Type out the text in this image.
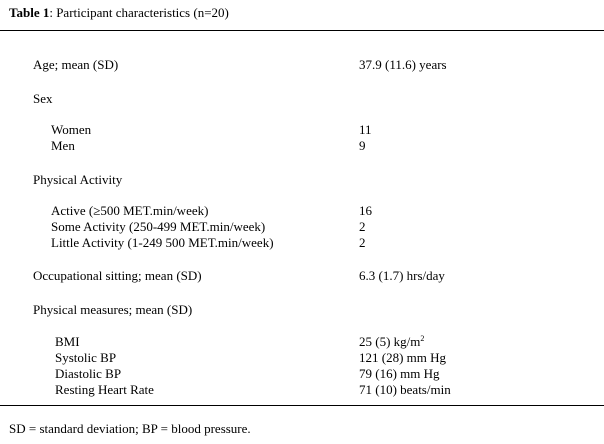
Table 1: Participant characteristics (n=20)
Age; mean (SD)	37.9 (11.6) years
Sex
Women	11
Men	9
Physical Activity
Active (≥500 MET.min/week)	16
Some Activity (250-499 MET.min/week)	2
Little Activity (1-249 500 MET.min/week)	2
Occupational sitting; mean (SD)	6.3 (1.7) hrs/day
Physical measures; mean (SD)
BMI	25 (5) $kg/m^2$
Systolic BP	121 (28) mm Hg
Diastolic BP	79 (16) mm Hg
Resting Heart Rate	71 (10) beats/min
SD = standard deviation; BP = blood pressure.
